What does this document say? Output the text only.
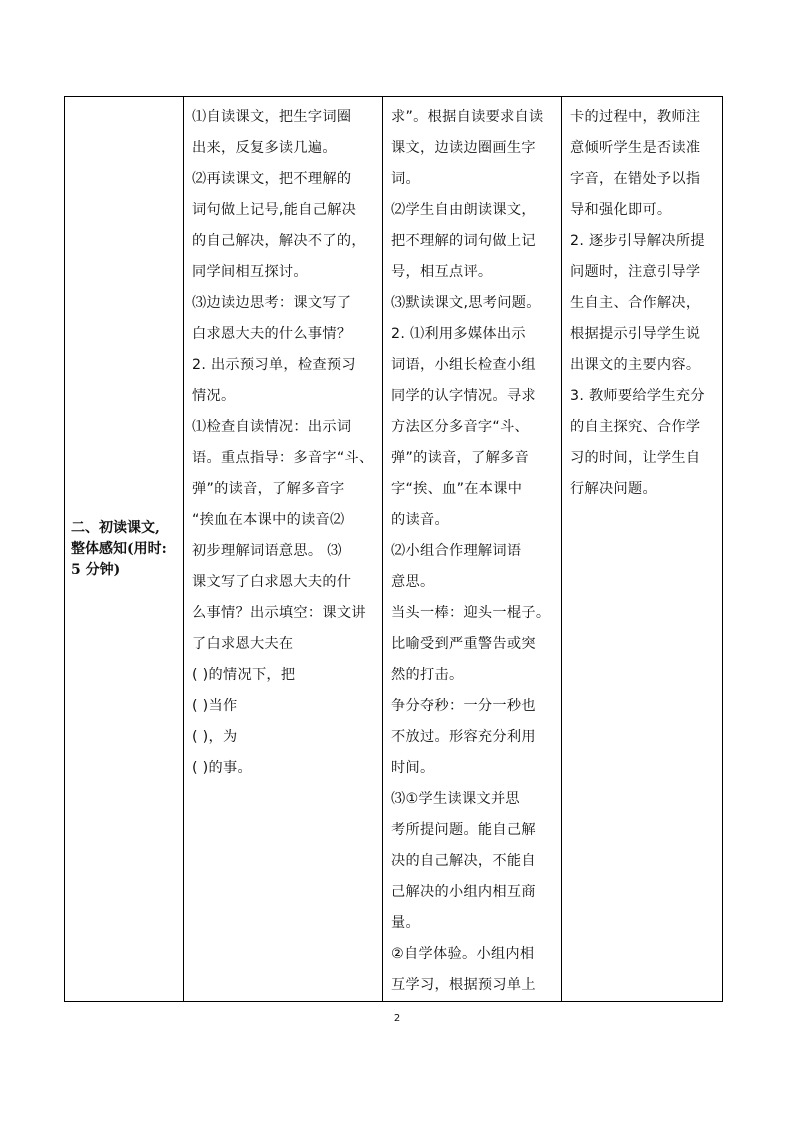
二、初读课文,
整体感知(用时:
5 分钟)

⑴自读课文，把生字词圈
出来，反复多读几遍。
⑵再读课文，把不理解的
词句做上记号,能自己解决
的自己解决，解决不了的，
同学间相互探讨。
⑶边读边思考：课文写了
白求恩大夫的什么事情？
2. 出示预习单，检查预习
情况。
⑴检查自读情况：出示词
语。重点指导：多音字“斗、
弹”的读音，了解多音字
“挨血在本课中的读音⑵
初步理解词语意思。 ⑶
课文写了白求恩大夫的什
么事情？出示填空：课文讲
了白求恩大夫在
( )的情况下，把
( )当作
( )，为
( )的事。

求”。根据自读要求自读
课文，边读边圈画生字
词。
⑵学生自由朗读课文，
把不理解的词句做上记
号，相互点评。
⑶默读课文,思考问题。
2. ⑴利用多媒体出示
词语，小组长检查小组
同学的认字情况。寻求
方法区分多音字“斗、
弹”的读音，了解多音
字“挨、血”在本课中
的读音。
⑵小组合作理解词语
意思。
当头一棒：迎头一棍子。
比喻受到严重警告或突
然的打击。
争分夺秒：一分一秒也
不放过。形容充分利用
时间。
⑶①学生读课文并思
考所提问题。能自己解
决的自己解决，不能自
己解决的小组内相互商
量。
②自学体验。小组内相
互学习，根据预习单上

卡的过程中，教师注
意倾听学生是否读准
字音，在错处予以指
导和强化即可。
2. 逐步引导解决所提
问题时，注意引导学
生自主、合作解决，
根据提示引导学生说
出课文的主要内容。
3. 教师要给学生充分
的自主探究、合作学
习的时间，让学生自
行解决问题。
2
